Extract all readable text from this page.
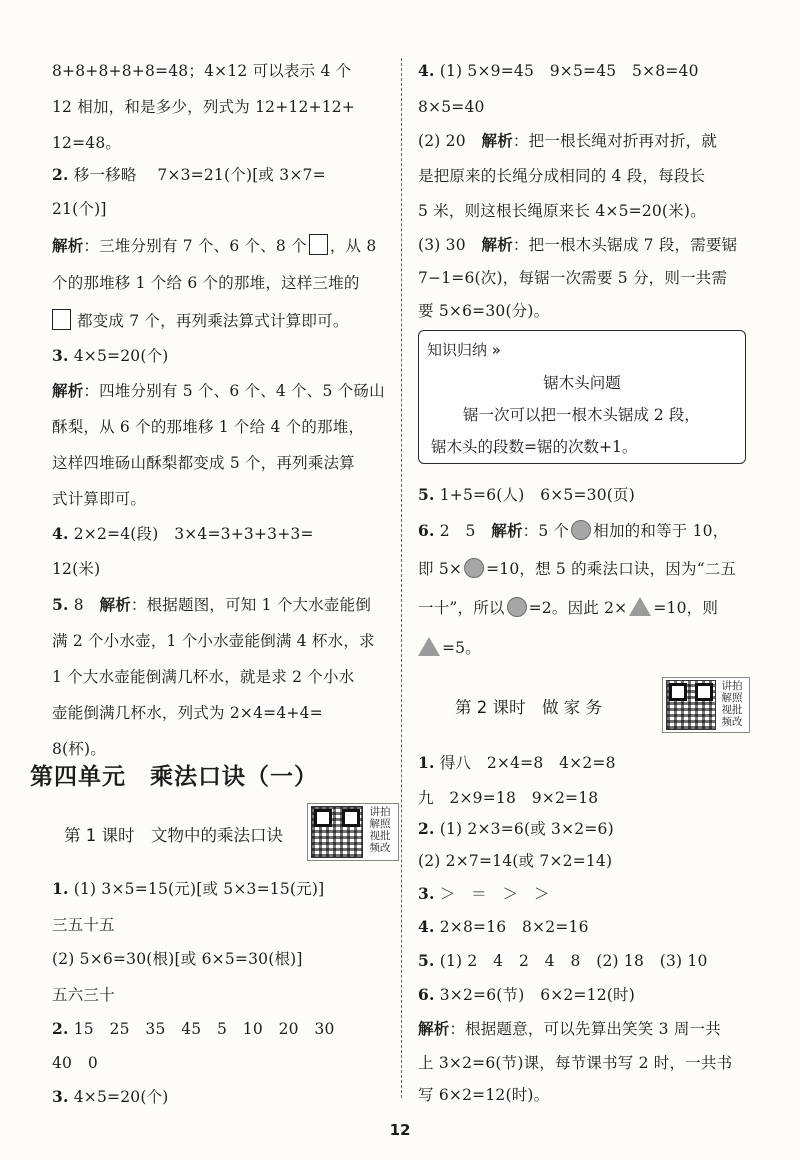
8+8+8+8+8=48；4×12 可以表示 4 个
12 相加，和是多少，列式为 12+12+12+
12=48。
2. 移一移略　 7×3=21(个)[或 3×7=
21(个)]
解析：三堆分别有 7 个、6 个、8 个 ，从 8
个的那堆移 1 个给 6 个的那堆，这样三堆的
都变成 7 个，再列乘法算式计算即可。
3. 4×5=20(个)
解析：四堆分别有 5 个、6 个、4 个、5 个砀山
酥梨，从 6 个的那堆移 1 个给 4 个的那堆，
这样四堆砀山酥梨都变成 5 个，再列乘法算
式计算即可。
4. 2×2=4(段)　3×4=3+3+3+3=
12(米)
5. 8　 解析：根据题图，可知 1 个大水壶能倒
满 2 个小水壶，1 个小水壶能倒满 4 杯水，求
1 个大水壶能倒满几杯水，就是求 2 个小水
壶能倒满几杯水，列式为 2×4=4+4=
8(杯)。
第四单元　乘法口诀（一）
第 1 课时　文物中的乘法口诀
讲拍
解照
视批
频改
1. (1) 3×5=15(元)[或 5×3=15(元)]
三五十五
(2) 5×6=30(根)[或 6×5=30(根)]
五六三十
2. 15　25　35　45　5　10　20　30
40　0
3. 4×5=20(个)
4. (1) 5×9=45　9×5=45　5×8=40
8×5=40
(2) 20　 解析：把一根长绳对折再对折，就
是把原来的长绳分成相同的 4 段，每段长
5 米，则这根长绳原来长 4×5=20(米)。
(3) 30　 解析：把一根木头锯成 7 段，需要锯
7−1=6(次)，每锯一次需要 5 分，则一共需
要 5×6=30(分)。
知识归纳 »
锯木头问题
锯一次可以把一根木头锯成 2 段，
锯木头的段数=锯的次数+1。
5. 1+5=6(人)　6×5=30(页)
6. 2　5　 解析：5 个 相加的和等于 10，
即 5× =10，想 5 的乘法口诀，因为“二五
一十”，所以 =2。因此 2× =10，则
=5。
第 2 课时　做 家 务
讲拍
解照
视批
频改
1. 得八　2×4=8　4×2=8
九　2×9=18　9×2=18
2. (1) 2×3=6(或 3×2=6)
(2) 2×7=14(或 7×2=14)
3. ＞　＝　＞　＞
4. 2×8=16　8×2=16
5. (1) 2　4　2　4　8　(2) 18　(3) 10
6. 3×2=6(节)　6×2=12(时)
解析：根据题意，可以先算出笑笑 3 周一共
上 3×2=6(节)课，每节课书写 2 时，一共书
写 6×2=12(时)。
12
